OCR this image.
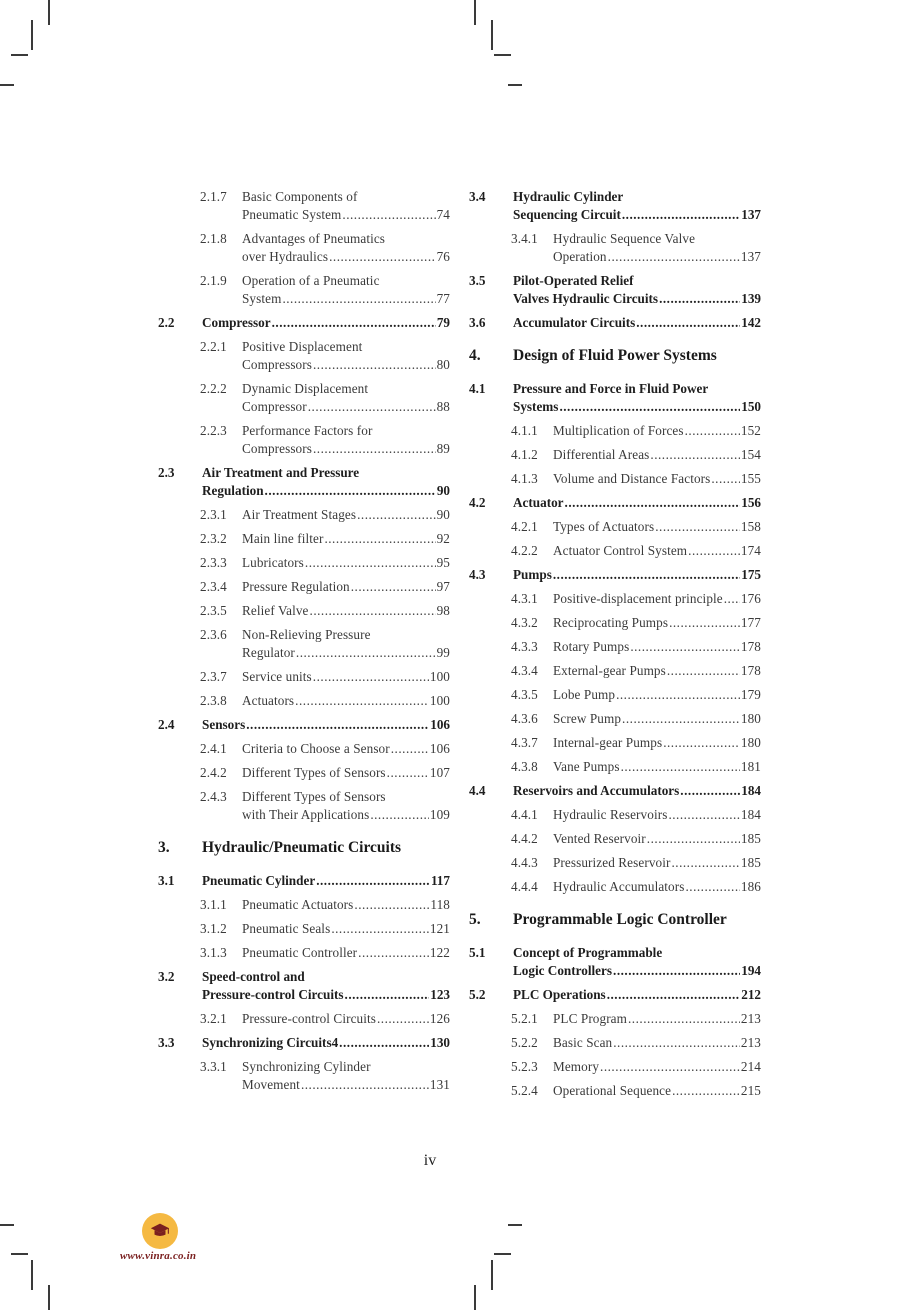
2.1.7 Basic Components of
Pneumatic System .....	74
2.1.8 Advantages of Pneumatics
over Hydraulics .....	76
2.1.9 Operation of a Pneumatic
System .....	77
2.2 Compressor .....	79
2.2.1 Positive Displacement
Compressors .....	80
2.2.2 Dynamic Displacement
Compressor .....	88
2.2.3 Performance Factors for
Compressors .....	89
2.3 Air Treatment and Pressure
Regulation .....	90
2.3.1 Air Treatment Stages .....	90
2.3.2 Main line filter .....	92
2.3.3 Lubricators .....	95
2.3.4 Pressure Regulation .....	97
2.3.5 Relief Valve .....	98
2.3.6 Non-Relieving Pressure
Regulator .....	99
2.3.7 Service units .....	100
2.3.8 Actuators .....	100
2.4 Sensors .....	106
2.4.1 Criteria to Choose a Sensor .....	106
2.4.2 Different Types of Sensors .....	107
2.4.3 Different Types of Sensors
with Their Applications .....	109
3. Hydraulic/Pneumatic Circuits
3.1 Pneumatic Cylinder .....	117
3.1.1 Pneumatic Actuators .....	118
3.1.2 Pneumatic Seals .....	121
3.1.3 Pneumatic Controller .....	122
3.2 Speed-control and
Pressure-control Circuits .....	123
3.2.1 Pressure-control Circuits .....	126
3.3 Synchronizing Circuits4 .....	130
3.3.1 Synchronizing Cylinder
Movement .....	131
3.4 Hydraulic Cylinder
Sequencing Circuit .....	137
3.4.1 Hydraulic Sequence Valve
Operation .....	137
3.5 Pilot-Operated Relief
Valves Hydraulic Circuits .....	139
3.6 Accumulator Circuits .....	142
4. Design of Fluid Power Systems
4.1 Pressure and Force in Fluid Power
Systems .....	150
4.1.1 Multiplication of Forces .....	152
4.1.2 Differential Areas .....	154
4.1.3 Volume and Distance Factors ..... 155
4.2 Actuator .....	156
4.2.1 Types of Actuators .....	158
4.2.2 Actuator Control System .....	174
4.3 Pumps .....	175
4.3.1 Positive-displacement principle ..... 176
4.3.2 Reciprocating Pumps .....	177
4.3.3 Rotary Pumps .....	178
4.3.4 External-gear Pumps .....	178
4.3.5 Lobe Pump .....	179
4.3.6 Screw Pump .....	180
4.3.7 Internal-gear Pumps .....	180
4.3.8 Vane Pumps .....	181
4.4 Reservoirs and Accumulators .....	184
4.4.1 Hydraulic Reservoirs .....	184
4.4.2 Vented Reservoir .....	185
4.4.3 Pressurized Reservoir .....	185
4.4.4 Hydraulic Accumulators .....	186
5. Programmable Logic Controller
5.1 Concept of Programmable
Logic Controllers .....	194
5.2 PLC Operations .....	212
5.2.1 PLC Program .....	213
5.2.2 Basic Scan .....	213
5.2.3 Memory .....	214
5.2.4 Operational Sequence .....	215
iv
www.vinra.co.in
